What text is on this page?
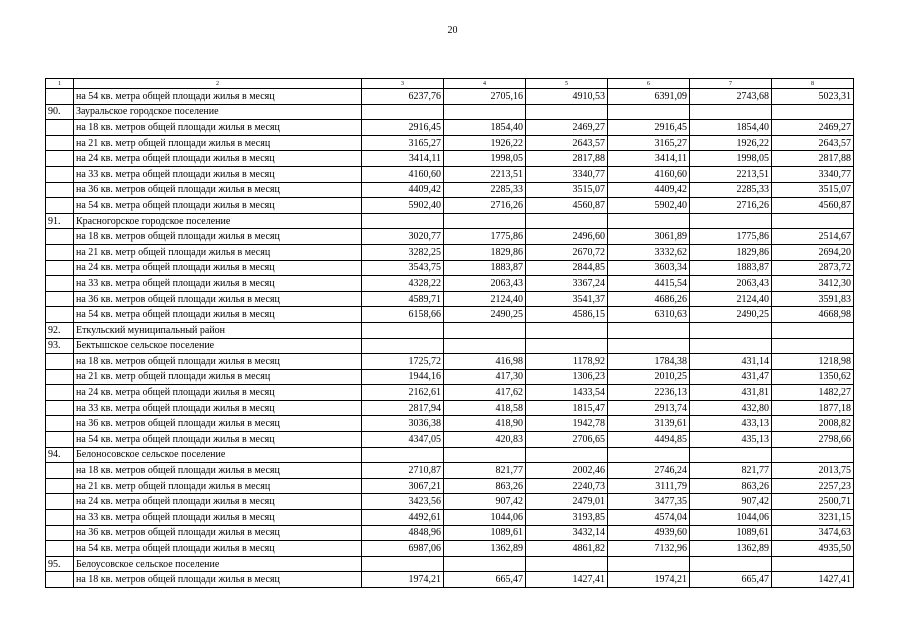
20
1	2	3	4	5	6	7	8
	на 54 кв. метра общей площади жилья в месяц	6237,76	2705,16	4910,53	6391,09	2743,68	5023,31
90.	Зауральское городское поселение						
	на 18 кв. метров общей площади жилья в месяц	2916,45	1854,40	2469,27	2916,45	1854,40	2469,27
	на 21 кв. метр общей площади жилья в месяц	3165,27	1926,22	2643,57	3165,27	1926,22	2643,57
	на 24 кв. метра общей площади жилья в месяц	3414,11	1998,05	2817,88	3414,11	1998,05	2817,88
	на 33 кв. метра общей площади жилья в месяц	4160,60	2213,51	3340,77	4160,60	2213,51	3340,77
	на 36 кв. метров общей площади жилья в месяц	4409,42	2285,33	3515,07	4409,42	2285,33	3515,07
	на 54 кв. метра общей площади жилья в месяц	5902,40	2716,26	4560,87	5902,40	2716,26	4560,87
91.	Красногорское городское поселение						
	на 18 кв. метров общей площади жилья в месяц	3020,77	1775,86	2496,60	3061,89	1775,86	2514,67
	на 21 кв. метр общей площади жилья в месяц	3282,25	1829,86	2670,72	3332,62	1829,86	2694,20
	на 24 кв. метра общей площади жилья в месяц	3543,75	1883,87	2844,85	3603,34	1883,87	2873,72
	на 33 кв. метра общей площади жилья в месяц	4328,22	2063,43	3367,24	4415,54	2063,43	3412,30
	на 36 кв. метров общей площади жилья в месяц	4589,71	2124,40	3541,37	4686,26	2124,40	3591,83
	на 54 кв. метра общей площади жилья в месяц	6158,66	2490,25	4586,15	6310,63	2490,25	4668,98
92.	Еткульский муниципальный район						
93.	Бектышское сельское поселение						
	на 18 кв. метров общей площади жилья в месяц	1725,72	416,98	1178,92	1784,38	431,14	1218,98
	на 21 кв. метр общей площади жилья в месяц	1944,16	417,30	1306,23	2010,25	431,47	1350,62
	на 24 кв. метра общей площади жилья в месяц	2162,61	417,62	1433,54	2236,13	431,81	1482,27
	на 33 кв. метра общей площади жилья в месяц	2817,94	418,58	1815,47	2913,74	432,80	1877,18
	на 36 кв. метров общей площади жилья в месяц	3036,38	418,90	1942,78	3139,61	433,13	2008,82
	на 54 кв. метра общей площади жилья в месяц	4347,05	420,83	2706,65	4494,85	435,13	2798,66
94.	Белоносовское сельское поселение						
	на 18 кв. метров общей площади жилья в месяц	2710,87	821,77	2002,46	2746,24	821,77	2013,75
	на 21 кв. метр общей площади жилья в месяц	3067,21	863,26	2240,73	3111,79	863,26	2257,23
	на 24 кв. метра общей площади жилья в месяц	3423,56	907,42	2479,01	3477,35	907,42	2500,71
	на 33 кв. метра общей площади жилья в месяц	4492,61	1044,06	3193,85	4574,04	1044,06	3231,15
	на 36 кв. метров общей площади жилья в месяц	4848,96	1089,61	3432,14	4939,60	1089,61	3474,63
	на 54 кв. метра общей площади жилья в месяц	6987,06	1362,89	4861,82	7132,96	1362,89	4935,50
95.	Белоусовское сельское поселение						
	на 18 кв. метров общей площади жилья в месяц	1974,21	665,47	1427,41	1974,21	665,47	1427,41
